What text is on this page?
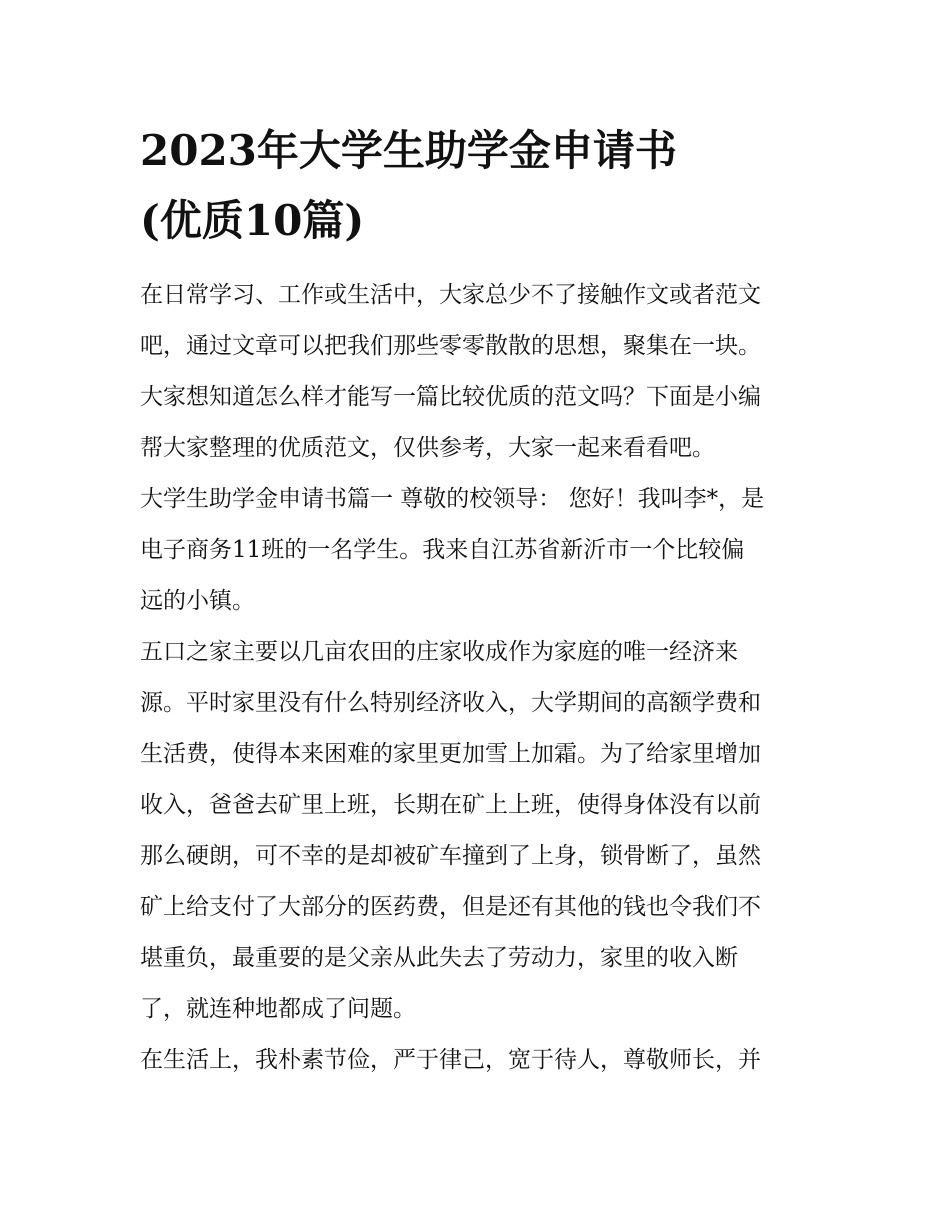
2023年大学生助学金申请书
(优质10篇)

在日常学习、工作或生活中，大家总少不了接触作文或者范文
吧，通过文章可以把我们那些零零散散的思想，聚集在一块。
大家想知道怎么样才能写一篇比较优质的范文吗？下面是小编
帮大家整理的优质范文，仅供参考，大家一起来看看吧。

大学生助学金申请书篇一 尊敬的校领导： 您好！我叫李*，是
电子商务11班的一名学生。我来自江苏省新沂市一个比较偏
远的小镇。

五口之家主要以几亩农田的庄家收成作为家庭的唯一经济来
源。平时家里没有什么特别经济收入，大学期间的高额学费和
生活费，使得本来困难的家里更加雪上加霜。为了给家里增加
收入，爸爸去矿里上班，长期在矿上上班，使得身体没有以前
那么硬朗，可不幸的是却被矿车撞到了上身，锁骨断了，虽然
矿上给支付了大部分的医药费，但是还有其他的钱也令我们不
堪重负，最重要的是父亲从此失去了劳动力，家里的收入断
了，就连种地都成了问题。

在生活上，我朴素节俭，严于律己，宽于待人，尊敬师长，并
